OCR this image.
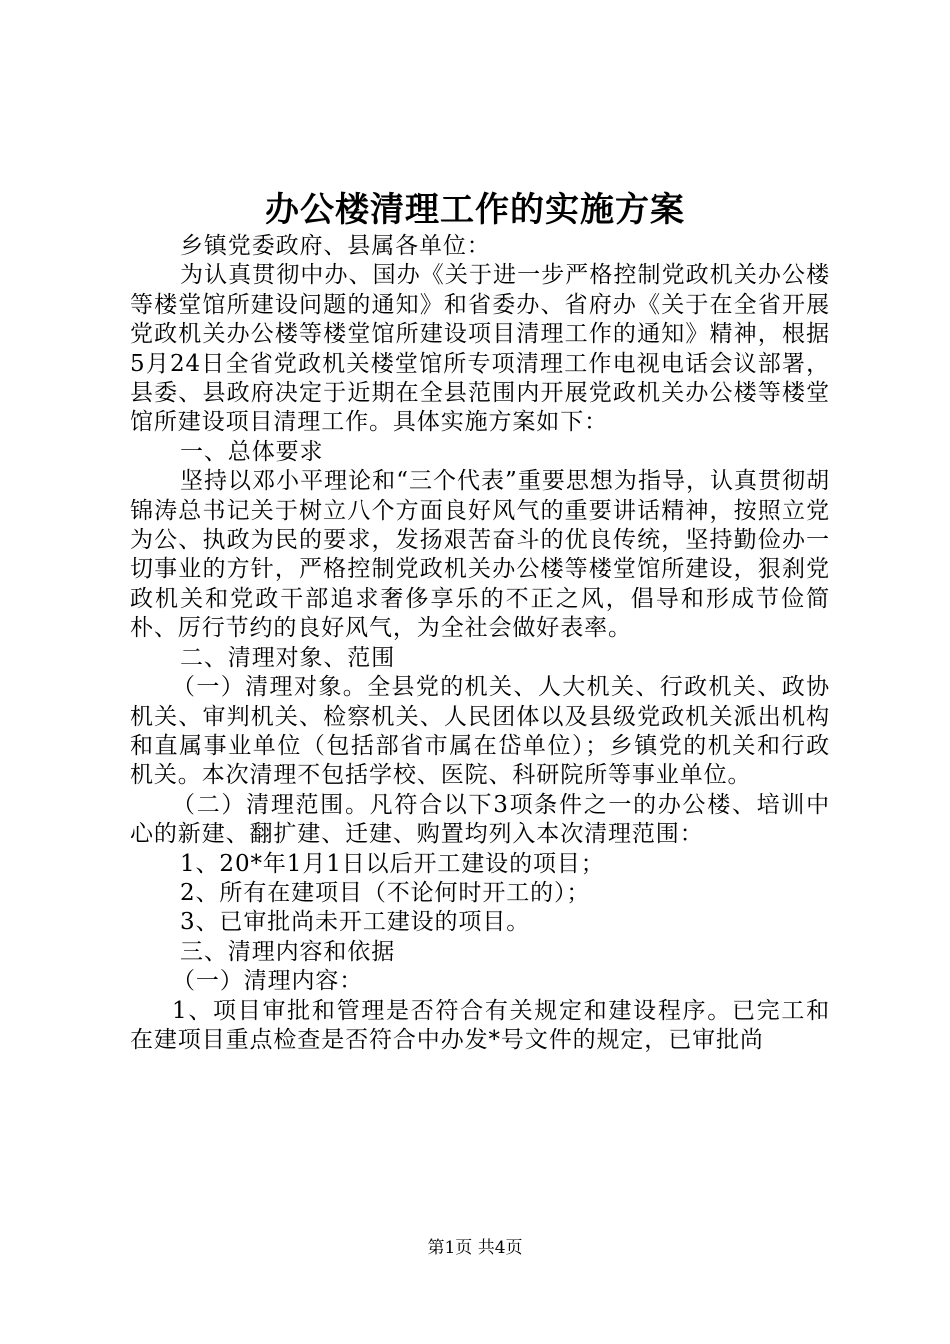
办公楼清理工作的实施方案

乡镇党委政府、县属各单位：

为认真贯彻中办、国办《关于进一步严格控制党政机关办公楼等楼堂馆所建设问题的通知》和省委办、省府办《关于在全省开展党政机关办公楼等楼堂馆所建设项目清理工作的通知》精神，根据5月24日全省党政机关楼堂馆所专项清理工作电视电话会议部署，县委、县政府决定于近期在全县范围内开展党政机关办公楼等楼堂馆所建设项目清理工作。具体实施方案如下：

一、总体要求

坚持以邓小平理论和“三个代表”重要思想为指导，认真贯彻胡锦涛总书记关于树立八个方面良好风气的重要讲话精神，按照立党为公、执政为民的要求，发扬艰苦奋斗的优良传统，坚持勤俭办一切事业的方针，严格控制党政机关办公楼等楼堂馆所建设，狠刹党政机关和党政干部追求奢侈享乐的不正之风，倡导和形成节俭简朴、厉行节约的良好风气，为全社会做好表率。

二、清理对象、范围

（一）清理对象。全县党的机关、人大机关、行政机关、政协机关、审判机关、检察机关、人民团体以及县级党政机关派出机构和直属事业单位（包括部省市属在岱单位）；乡镇党的机关和行政机关。本次清理不包括学校、医院、科研院所等事业单位。

（二）清理范围。凡符合以下3项条件之一的办公楼、培训中心的新建、翻扩建、迁建、购置均列入本次清理范围：

1、20*年1月1日以后开工建设的项目；

2、所有在建项目（不论何时开工的）；

3、已审批尚未开工建设的项目。

三、清理内容和依据

（一）清理内容：

1、项目审批和管理是否符合有关规定和建设程序。已完工和在建项目重点检查是否符合中办发*号文件的规定，已审批尚

第1页 共4页
